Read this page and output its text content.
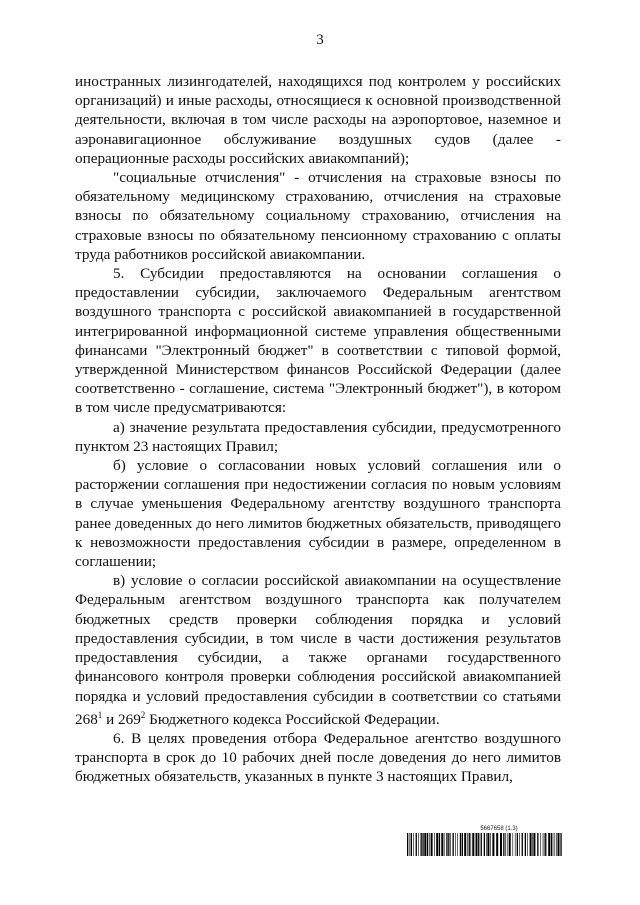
3

иностранных лизингодателей, находящихся под контролем у российских организаций) и иные расходы, относящиеся к основной производственной деятельности, включая в том числе расходы на аэропортовое, наземное и аэронавигационное обслуживание воздушных судов (далее - операционные расходы российских авиакомпаний);

"социальные отчисления" - отчисления на страховые взносы по обязательному медицинскому страхованию, отчисления на страховые взносы по обязательному социальному страхованию, отчисления на страховые взносы по обязательному пенсионному страхованию с оплаты труда работников российской авиакомпании.

5. Субсидии предоставляются на основании соглашения о предоставлении субсидии, заключаемого Федеральным агентством воздушного транспорта с российской авиакомпанией в государственной интегрированной информационной системе управления общественными финансами "Электронный бюджет" в соответствии с типовой формой, утвержденной Министерством финансов Российской Федерации (далее соответственно - соглашение, система "Электронный бюджет"), в котором в том числе предусматриваются:

а) значение результата предоставления субсидии, предусмотренного пунктом 23 настоящих Правил;

б) условие о согласовании новых условий соглашения или о расторжении соглашения при недостижении согласия по новым условиям в случае уменьшения Федеральному агентству воздушного транспорта ранее доведенных до него лимитов бюджетных обязательств, приводящего к невозможности предоставления субсидии в размере, определенном в соглашении;

в) условие о согласии российской авиакомпании на осуществление Федеральным агентством воздушного транспорта как получателем бюджетных средств проверки соблюдения порядка и условий предоставления субсидии, в том числе в части достижения результатов предоставления субсидии, а также органами государственного финансового контроля проверки соблюдения российской авиакомпанией порядка и условий предоставления субсидии в соответствии со статьями $268^1$ и $269^2$ Бюджетного кодекса Российской Федерации.

6. В целях проведения отбора Федеральное агентство воздушного транспорта в срок до 10 рабочих дней после доведения до него лимитов бюджетных обязательств, указанных в пункте 3 настоящих Правил,

5667658 (1.3)
